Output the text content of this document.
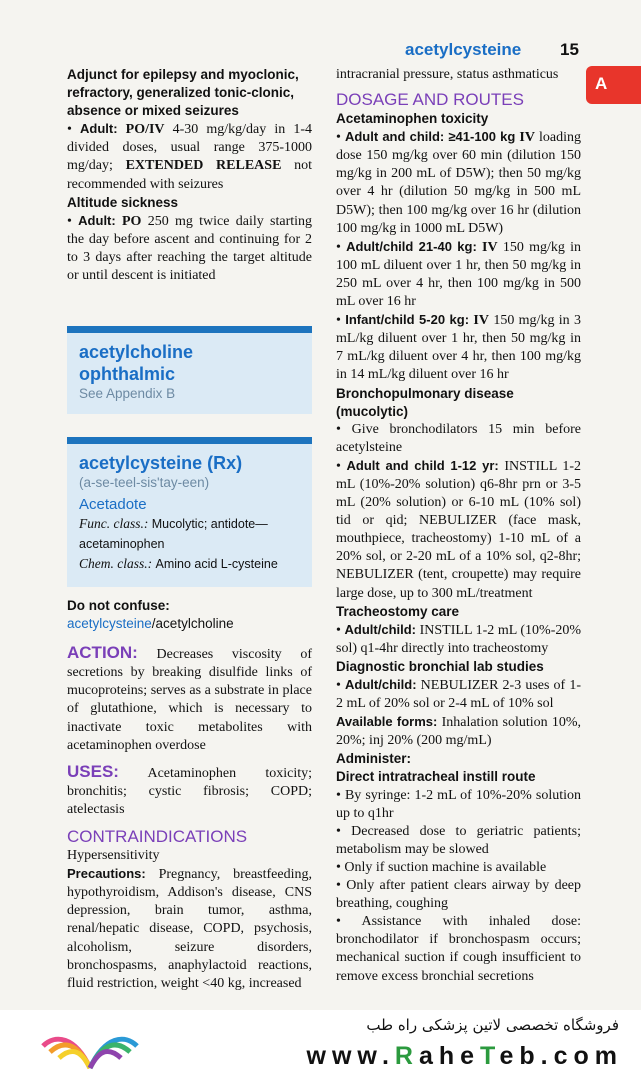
acetylcysteine 15
A

Adjunct for epilepsy and myoclonic, refractory, generalized tonic-clonic, absence or mixed seizures

• Adult: PO/IV 4-30 mg/kg/day in 1-4 divided doses, usual range 375-1000 mg/day; EXTENDED RELEASE not recommended with seizures

Altitude sickness

• Adult: PO 250 mg twice daily starting the day before ascent and continuing for 2 to 3 days after reaching the target altitude or until descent is initiated

acetylcholine
ophthalmic

See Appendix B

acetylcysteine (Rx)

(a-se-teel-sis'tay-een)

Acetadote

Func. class.: Mucolytic; antidote—acetaminophen

Chem. class.: Amino acid L-cysteine

Do not confuse:

acetylcysteine/acetylcholine

ACTION: Decreases viscosity of secretions by breaking disulfide links of mucoproteins; serves as a substrate in place of glutathione, which is necessary to inactivate toxic metabolites with acetaminophen overdose

USES: Acetaminophen toxicity; bronchitis; cystic fibrosis; COPD; atelectasis

CONTRAINDICATIONS

Hypersensitivity

Precautions: Pregnancy, breastfeeding, hypothyroidism, Addison's disease, CNS depression, brain tumor, asthma, renal/hepatic disease, COPD, psychosis, alcoholism, seizure disorders, bronchospasms, anaphylactoid reactions, fluid restriction, weight <40 kg, increased

intracranial pressure, status asthmaticus

DOSAGE AND ROUTES

Acetaminophen toxicity

• Adult and child: ≥41-100 kg IV loading dose 150 mg/kg over 60 min (dilution 150 mg/kg in 200 mL of D5W); then 50 mg/kg over 4 hr (dilution 50 mg/kg in 500 mL D5W); then 100 mg/kg over 16 hr (dilution 100 mg/kg in 1000 mL D5W)

• Adult/child 21-40 kg: IV 150 mg/kg in 100 mL diluent over 1 hr, then 50 mg/kg in 250 mL over 4 hr, then 100 mg/kg in 500 mL over 16 hr

• Infant/child 5-20 kg: IV 150 mg/kg in 3 mL/kg diluent over 1 hr, then 50 mg/kg in 7 mL/kg diluent over 4 hr, then 100 mg/kg in 14 mL/kg diluent over 16 hr

Bronchopulmonary disease (mucolytic)

• Give bronchodilators 15 min before acetylsteine

• Adult and child 1-12 yr: INSTILL 1-2 mL (10%-20% solution) q6-8hr prn or 3-5 mL (20% solution) or 6-10 mL (10% sol) tid or qid; NEBULIZER (face mask, mouthpiece, tracheostomy) 1-10 mL of a 20% sol, or 2-20 mL of a 10% sol, q2-8hr; NEBULIZER (tent, croupette) may require large dose, up to 300 mL/treatment

Tracheostomy care

• Adult/child: INSTILL 1-2 mL (10%-20% sol) q1-4hr directly into tracheostomy

Diagnostic bronchial lab studies

• Adult/child: NEBULIZER 2-3 uses of 1-2 mL of 20% sol or 2-4 mL of 10% sol

Available forms: Inhalation solution 10%, 20%; inj 20% (200 mg/mL)

Administer:

Direct intratracheal instill route

• By syringe: 1-2 mL of 10%-20% solution up to q1hr

• Decreased dose to geriatric patients; metabolism may be slowed

• Only if suction machine is available

• Only after patient clears airway by deep breathing, coughing

• Assistance with inhaled dose: bronchodilator if bronchospasm occurs; mechanical suction if cough insufficient to remove excess bronchial secretions

فروشگاه تخصصی لاتین پزشکی راه طب
www.RaheTeb.com
